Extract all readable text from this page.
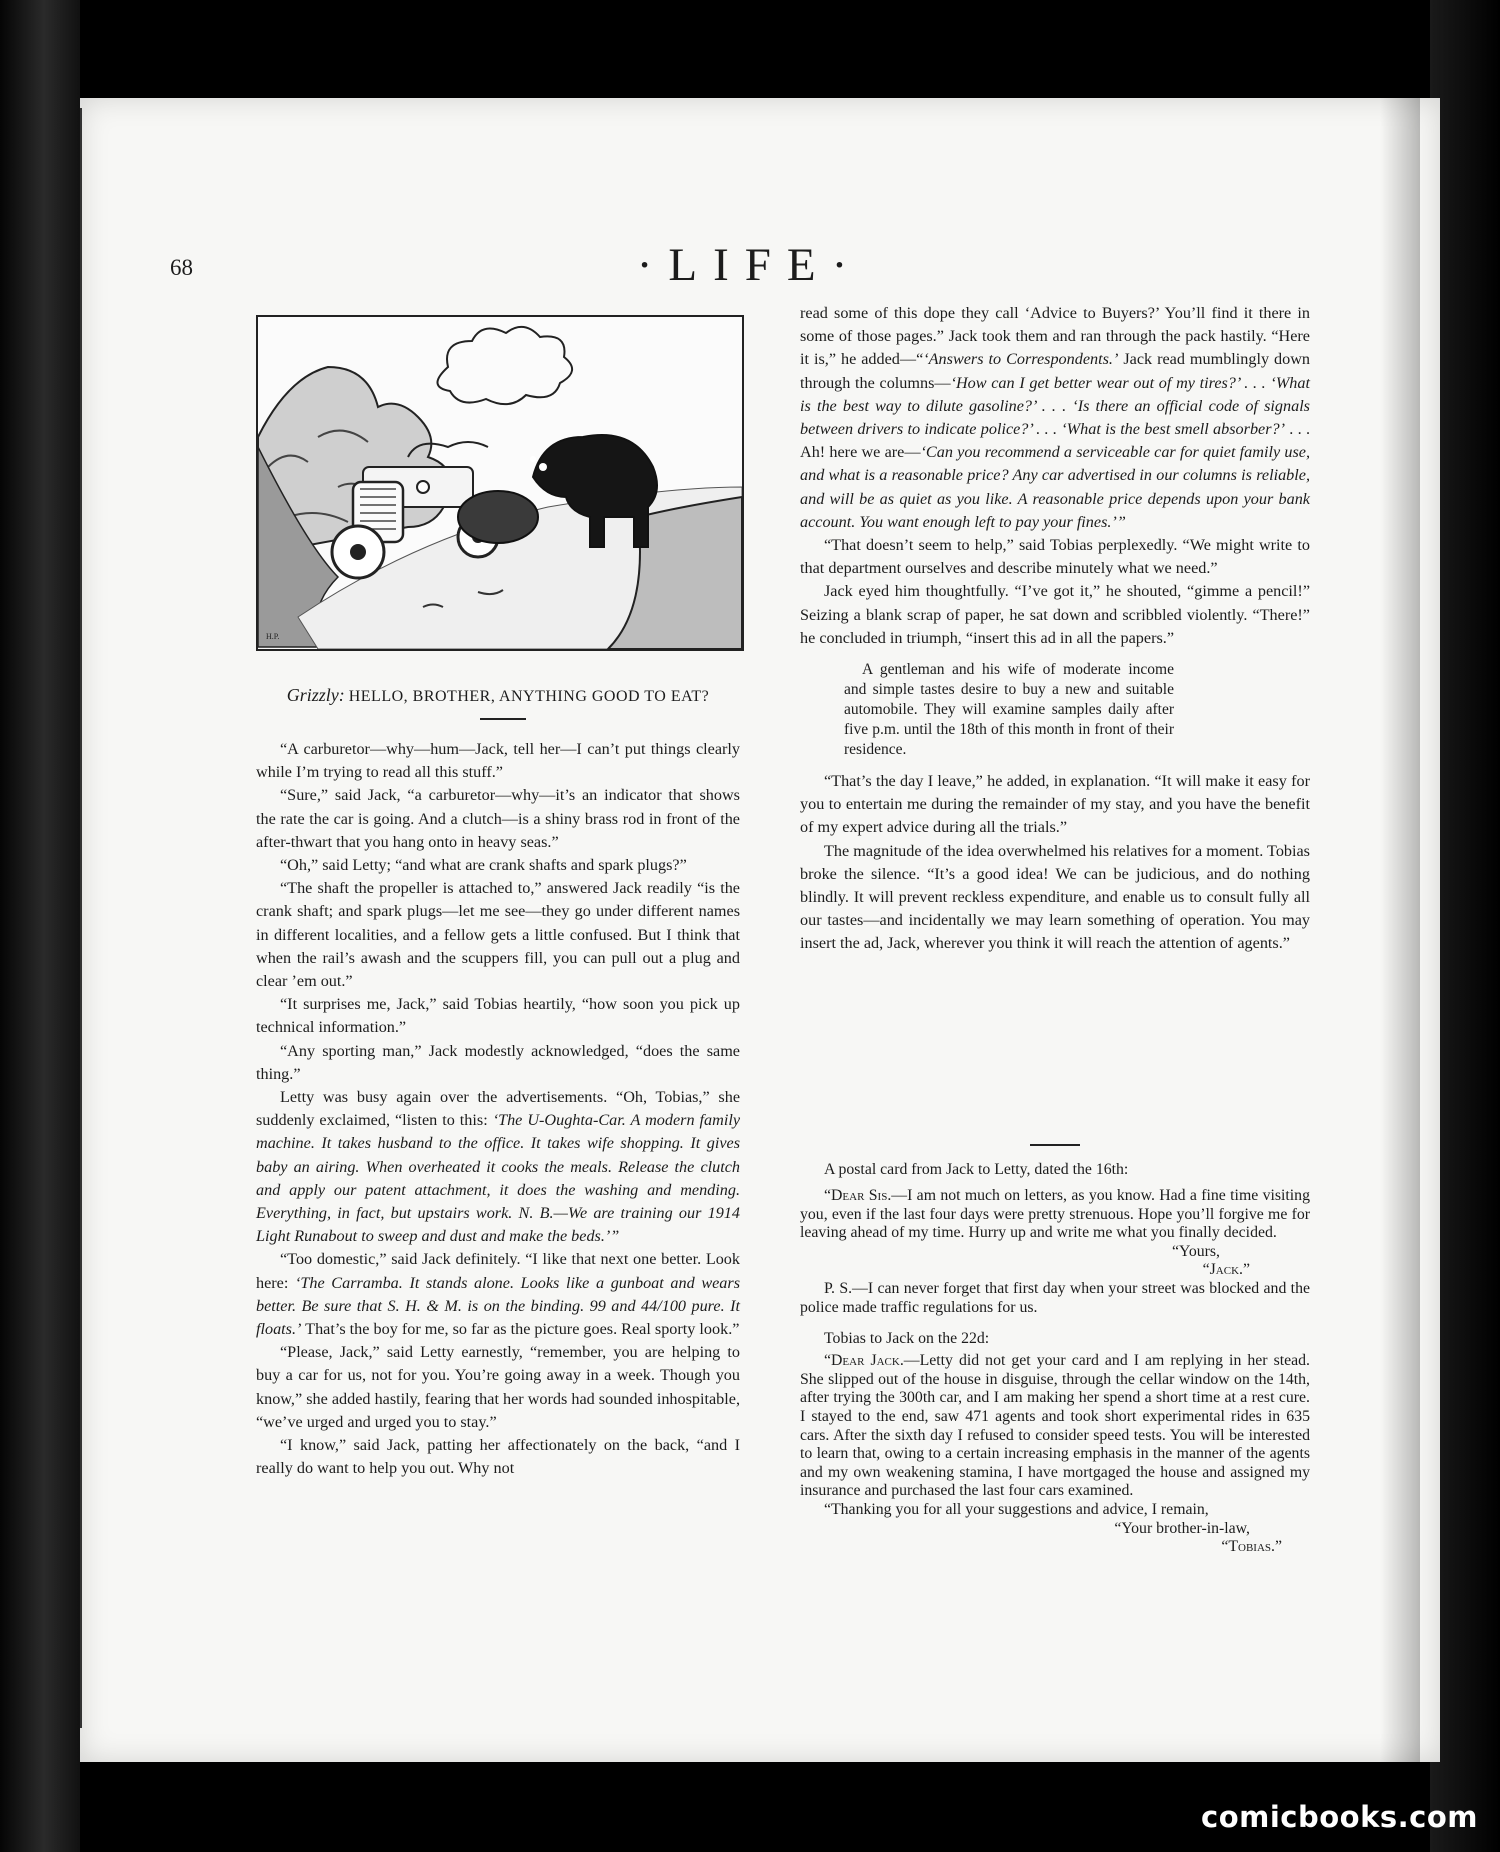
68	·LIFE·
H.P.
Grizzly: HELLO, BROTHER, ANYTHING GOOD TO EAT?

“A carburetor—why—hum—Jack, tell her—I can’t put things clearly while I’m trying to read all this stuff.”

“Sure,” said Jack, “a carburetor—why—it’s an indicator that shows the rate the car is going. And a clutch—is a shiny brass rod in front of the after-thwart that you hang onto in heavy seas.”

“Oh,” said Letty; “and what are crank shafts and spark plugs?”

“The shaft the propeller is attached to,” answered Jack readily “is the crank shaft; and spark plugs—let me see—they go under different names in different localities, and a fellow gets a little confused. But I think that when the rail’s awash and the scuppers fill, you can pull out a plug and clear ’em out.”

“It surprises me, Jack,” said Tobias heartily, “how soon you pick up technical information.”

“Any sporting man,” Jack modestly acknowledged, “does the same thing.”

Letty was busy again over the advertisements. “Oh, Tobias,” she suddenly exclaimed, “listen to this: ‘The U-Oughta-Car. A modern family machine. It takes husband to the office. It takes wife shopping. It gives baby an airing. When overheated it cooks the meals. Release the clutch and apply our patent attachment, it does the washing and mending. Everything, in fact, but upstairs work. N. B.—We are training our 1914 Light Runabout to sweep and dust and make the beds.’”

“Too domestic,” said Jack definitely. “I like that next one better. Look here: ‘The Carramba. It stands alone. Looks like a gunboat and wears better. Be sure that S. H. & M. is on the binding. 99 and 44/100 pure. It floats.’ That’s the boy for me, so far as the picture goes. Real sporty look.”

“Please, Jack,” said Letty earnestly, “remember, you are helping to buy a car for us, not for you. You’re going away in a week. Though you know,” she added hastily, fearing that her words had sounded inhospitable, “we’ve urged and urged you to stay.”

“I know,” said Jack, patting her affectionately on the back, “and I really do want to help you out. Why not

read some of this dope they call ‘Advice to Buyers?’ You’ll find it there in some of those pages.” Jack took them and ran through the pack hastily. “Here it is,” he added—“‘Answers to Correspondents.’ Jack read mumblingly down through the columns—‘How can I get better wear out of my tires?’ . . . ‘What is the best way to dilute gasoline?’ . . . ‘Is there an official code of signals between drivers to indicate police?’ . . . ‘What is the best smell absorber?’ . . . Ah! here we are—‘Can you recommend a serviceable car for quiet family use, and what is a reasonable price? Any car advertised in our columns is reliable, and will be as quiet as you like. A reasonable price depends upon your bank account. You want enough left to pay your fines.’”

“That doesn’t seem to help,” said Tobias perplexedly. “We might write to that department ourselves and describe minutely what we need.”

Jack eyed him thoughtfully. “I’ve got it,” he shouted, “gimme a pencil!” Seizing a blank scrap of paper, he sat down and scribbled violently. “There!” he concluded in triumph, “insert this ad in all the papers.”

A gentleman and his wife of moderate income and simple tastes desire to buy a new and suitable automobile. They will examine samples daily after five p.m. until the 18th of this month in front of their residence.

“That’s the day I leave,” he added, in explanation. “It will make it easy for you to entertain me during the remainder of my stay, and you have the benefit of my expert advice during all the trials.”

The magnitude of the idea overwhelmed his relatives for a moment. Tobias broke the silence. “It’s a good idea! We can be judicious, and do nothing blindly. It will prevent reckless expenditure, and enable us to consult fully all our tastes—and incidentally we may learn something of operation. You may insert the ad, Jack, wherever you think it will reach the attention of agents.”

A postal card from Jack to Letty, dated the 16th:

“Dear Sis.—I am not much on letters, as you know. Had a fine time visiting you, even if the last four days were pretty strenuous. Hope you’ll forgive me for leaving ahead of my time. Hurry up and write me what you finally decided.

“Yours,
“Jack.”

P. S.—I can never forget that first day when your street was blocked and the police made traffic regulations for us.

Tobias to Jack on the 22d:

“Dear Jack.—Letty did not get your card and I am replying in her stead. She slipped out of the house in disguise, through the cellar window on the 14th, after trying the 300th car, and I am making her spend a short time at a rest cure. I stayed to the end, saw 471 agents and took short experimental rides in 635 cars. After the sixth day I refused to consider speed tests. You will be interested to learn that, owing to a certain increasing emphasis in the manner of the agents and my own weakening stamina, I have mortgaged the house and assigned my insurance and purchased the last four cars examined.

“Thanking you for all your suggestions and advice, I remain,

“Your brother-in-law,
“Tobias.”
comicbooks.com
